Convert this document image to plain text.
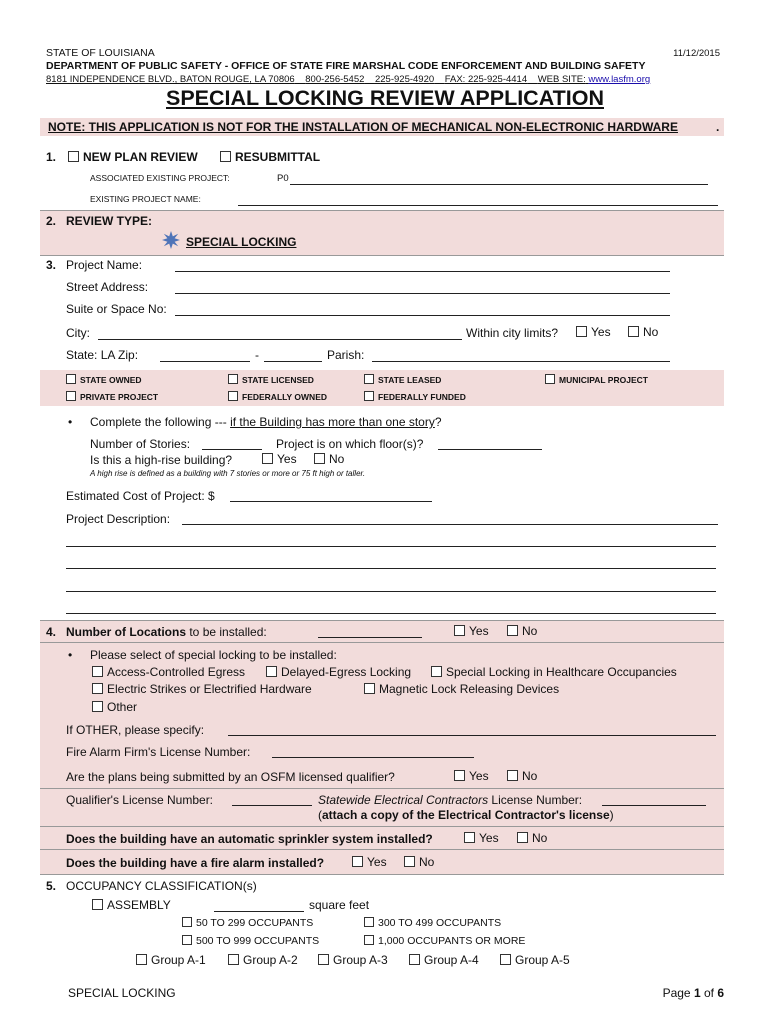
STATE OF LOUISIANA	11/12/2015
DEPARTMENT OF PUBLIC SAFETY - OFFICE OF STATE FIRE MARSHAL CODE ENFORCEMENT AND BUILDING SAFETY
8181 INDEPENDENCE BLVD., BATON ROUGE, LA 70806 800-256-5452 225-925-4920 FAX: 225-925-4414 WEB SITE: www.lasfm.org
SPECIAL LOCKING REVIEW APPLICATION
NOTE: THIS APPLICATION IS NOT FOR THE INSTALLATION OF MECHANICAL NON-ELECTRONIC HARDWARE	.
1.	NEW PLAN REVIEW	RESUBMITTAL
ASSOCIATED EXISTING PROJECT:	P0
EXISTING PROJECT NAME:
2. REVIEW TYPE:
SPECIAL LOCKING
3. Project Name:
Street Address:
Suite or Space No:
City:	Within city limits?	Yes	No
State: LA Zip:	-	Parish:
STATE OWNED	STATE LICENSED	STATE LEASED	MUNICIPAL PROJECT
PRIVATE PROJECT	FEDERALLY OWNED	FEDERALLY FUNDED
• Complete the following --- if the Building has more than one story?
Number of Stories:	Project is on which floor(s)?
Is this a high-rise building?	Yes	No
A high rise is defined as a building with 7 stories or more or 75 ft high or taller.
Estimated Cost of Project: $
Project Description:
4. Number of Locations to be installed:	Yes	No
• Please select of special locking to be installed:
Access-Controlled Egress	Delayed-Egress Locking	Special Locking in Healthcare Occupancies
Electric Strikes or Electrified Hardware	Magnetic Lock Releasing Devices
Other
If OTHER, please specify:
Fire Alarm Firm's License Number:
Are the plans being submitted by an OSFM licensed qualifier?	Yes	No
Qualifier's License Number:	Statewide Electrical Contractors License Number:
(attach a copy of the Electrical Contractor's license)
Does the building have an automatic sprinkler system installed?	Yes	No
Does the building have a fire alarm installed?	Yes	No
5. OCCUPANCY CLASSIFICATION(s)
ASSEMBLY	square feet
50 TO 299 OCCUPANTS	300 TO 499 OCCUPANTS
500 TO 999 OCCUPANTS	1,000 OCCUPANTS OR MORE
Group A-1	Group A-2	Group A-3	Group A-4	Group A-5
SPECIAL LOCKING	Page 1 of 6
